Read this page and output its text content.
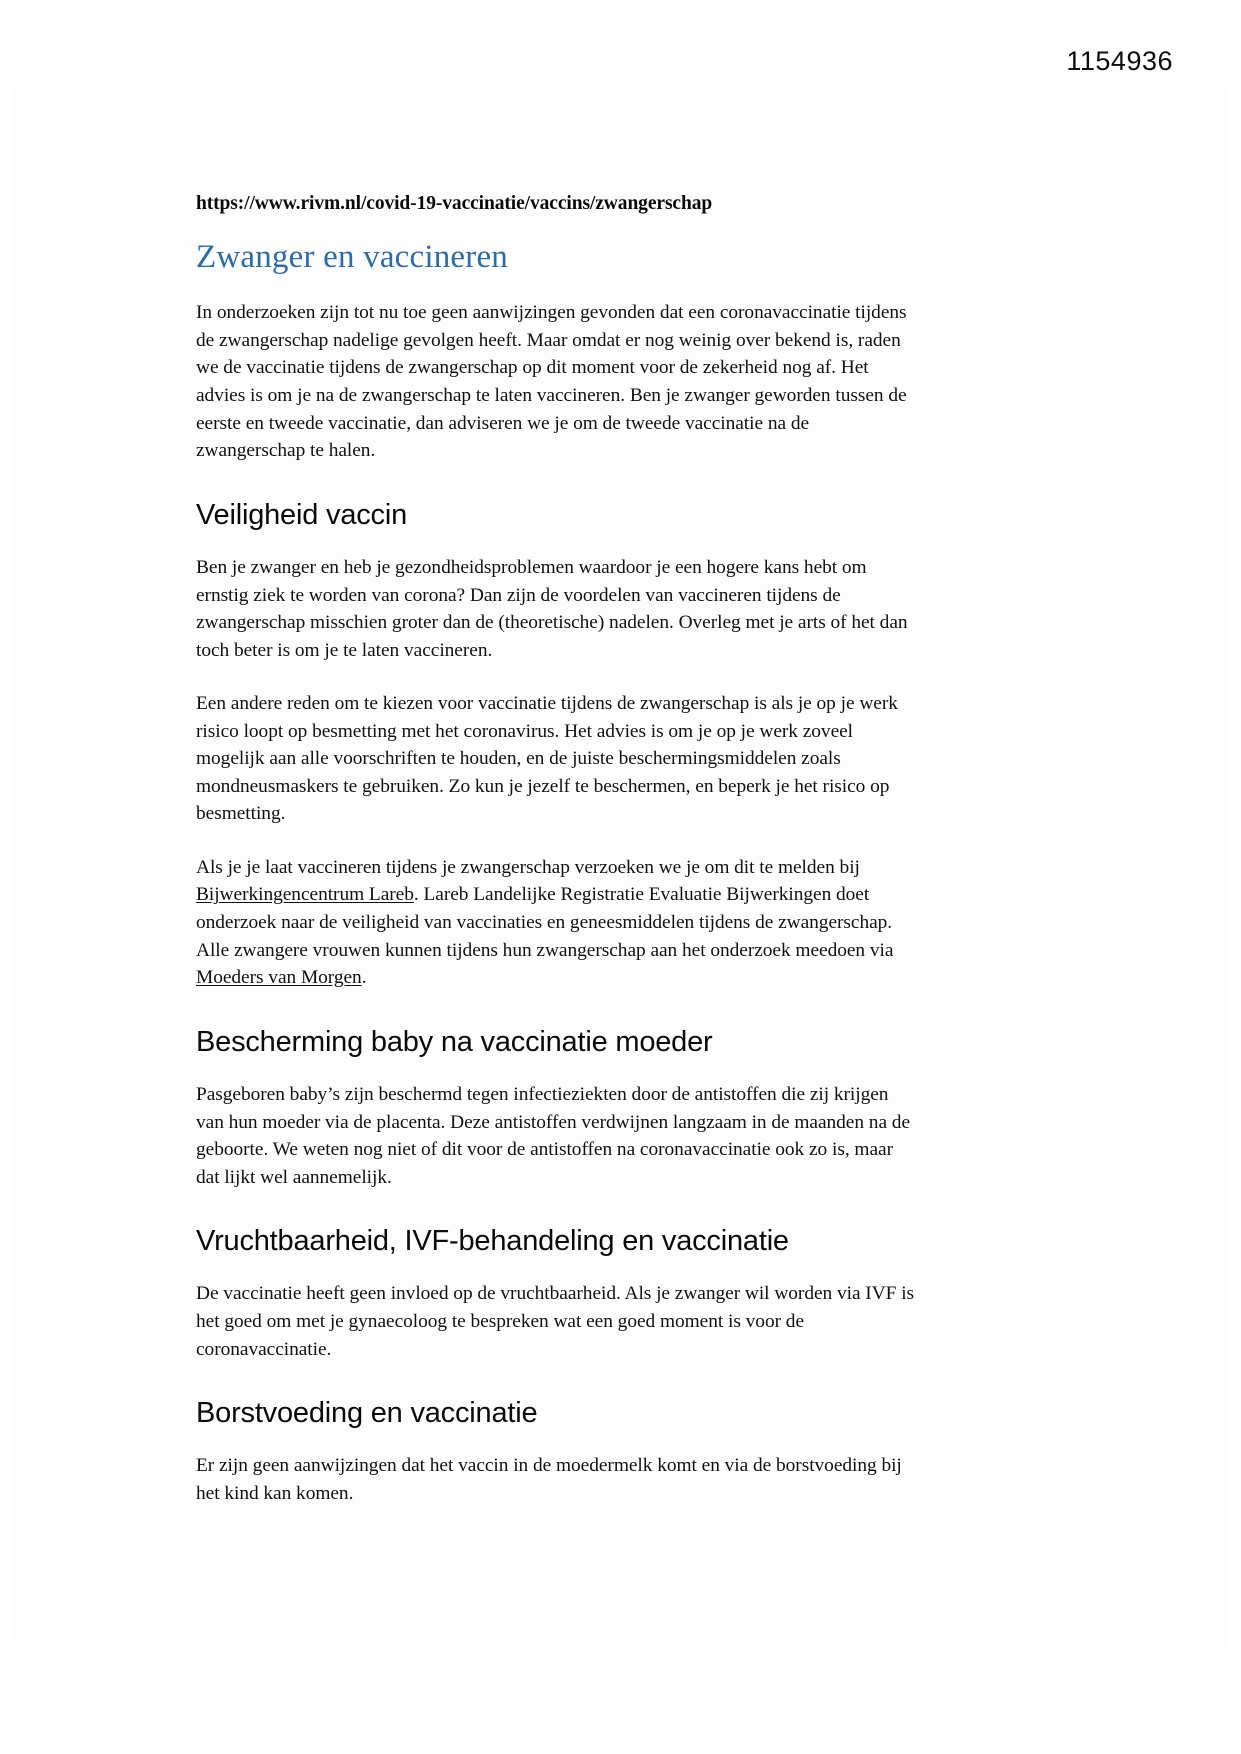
1154936
https://www.rivm.nl/covid-19-vaccinatie/vaccins/zwangerschap
Zwanger en vaccineren

In onderzoeken zijn tot nu toe geen aanwijzingen gevonden dat een coronavaccinatie tijdens de zwangerschap nadelige gevolgen heeft. Maar omdat er nog weinig over bekend is, raden we de vaccinatie tijdens de zwangerschap op dit moment voor de zekerheid nog af. Het advies is om je na de zwangerschap te laten vaccineren. Ben je zwanger geworden tussen de eerste en tweede vaccinatie, dan adviseren we je om de tweede vaccinatie na de zwangerschap te halen.

Veiligheid vaccin

Ben je zwanger en heb je gezondheidsproblemen waardoor je een hogere kans hebt om ernstig ziek te worden van corona? Dan zijn de voordelen van vaccineren tijdens de zwangerschap misschien groter dan de (theoretische) nadelen. Overleg met je arts of het dan toch beter is om je te laten vaccineren.

Een andere reden om te kiezen voor vaccinatie tijdens de zwangerschap is als je op je werk risico loopt op besmetting met het coronavirus. Het advies is om je op je werk zoveel mogelijk aan alle voorschriften te houden, en de juiste beschermingsmiddelen zoals mondneusmaskers te gebruiken. Zo kun je jezelf te beschermen, en beperk je het risico op besmetting.

Als je je laat vaccineren tijdens je zwangerschap verzoeken we je om dit te melden bij Bijwerkingencentrum Lareb. Lareb Landelijke Registratie Evaluatie Bijwerkingen doet onderzoek naar de veiligheid van vaccinaties en geneesmiddelen tijdens de zwangerschap. Alle zwangere vrouwen kunnen tijdens hun zwangerschap aan het onderzoek meedoen via Moeders van Morgen.

Bescherming baby na vaccinatie moeder

Pasgeboren baby’s zijn beschermd tegen infectieziekten door de antistoffen die zij krijgen van hun moeder via de placenta. Deze antistoffen verdwijnen langzaam in de maanden na de geboorte. We weten nog niet of dit voor de antistoffen na coronavaccinatie ook zo is, maar dat lijkt wel aannemelijk.

Vruchtbaarheid, IVF-behandeling en vaccinatie

De vaccinatie heeft geen invloed op de vruchtbaarheid. Als je zwanger wil worden via IVF is het goed om met je gynaecoloog te bespreken wat een goed moment is voor de coronavaccinatie.

Borstvoeding en vaccinatie

Er zijn geen aanwijzingen dat het vaccin in de moedermelk komt en via de borstvoeding bij het kind kan komen.
